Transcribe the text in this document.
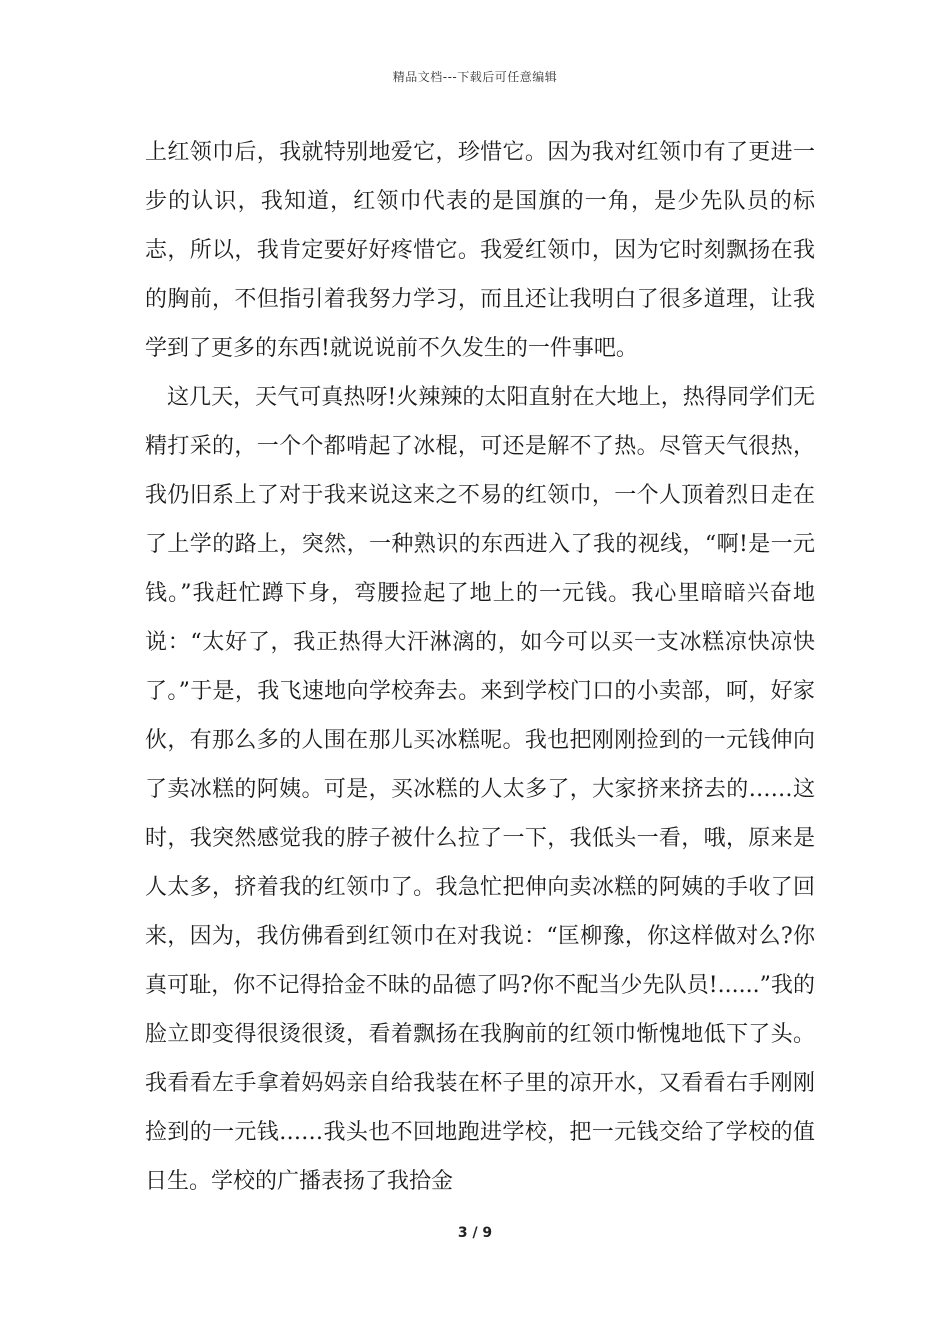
精品文档---下载后可任意编辑

上红领巾后，我就特别地爱它，珍惜它。因为我对红领巾有了更进一步的认识，我知道，红领巾代表的是国旗的一角，是少先队员的标志，所以，我肯定要好好疼惜它。我爱红领巾，因为它时刻飘扬在我的胸前，不但指引着我努力学习，而且还让我明白了很多道理，让我学到了更多的东西!就说说前不久发生的一件事吧。

这几天，天气可真热呀!火辣辣的太阳直射在大地上，热得同学们无精打采的，一个个都啃起了冰棍，可还是解不了热。尽管天气很热，我仍旧系上了对于我来说这来之不易的红领巾，一个人顶着烈日走在了上学的路上，突然，一种熟识的东西进入了我的视线，“啊!是一元钱。”我赶忙蹲下身，弯腰捡起了地上的一元钱。我心里暗暗兴奋地说：“太好了，我正热得大汗淋漓的，如今可以买一支冰糕凉快凉快了。”于是，我飞速地向学校奔去。来到学校门口的小卖部，呵，好家伙，有那么多的人围在那儿买冰糕呢。我也把刚刚捡到的一元钱伸向了卖冰糕的阿姨。可是，买冰糕的人太多了，大家挤来挤去的……这时，我突然感觉我的脖子被什么拉了一下，我低头一看，哦，原来是人太多，挤着我的红领巾了。我急忙把伸向卖冰糕的阿姨的手收了回来，因为，我仿佛看到红领巾在对我说：“匡柳豫，你这样做对么?你真可耻，你不记得拾金不昧的品德了吗?你不配当少先队员!......”我的脸立即变得很烫很烫，看着飘扬在我胸前的红领巾惭愧地低下了头。我看看左手拿着妈妈亲自给我装在杯子里的凉开水，又看看右手刚刚捡到的一元钱……我头也不回地跑进学校，把一元钱交给了学校的值日生。学校的广播表扬了我拾金

3 / 9
